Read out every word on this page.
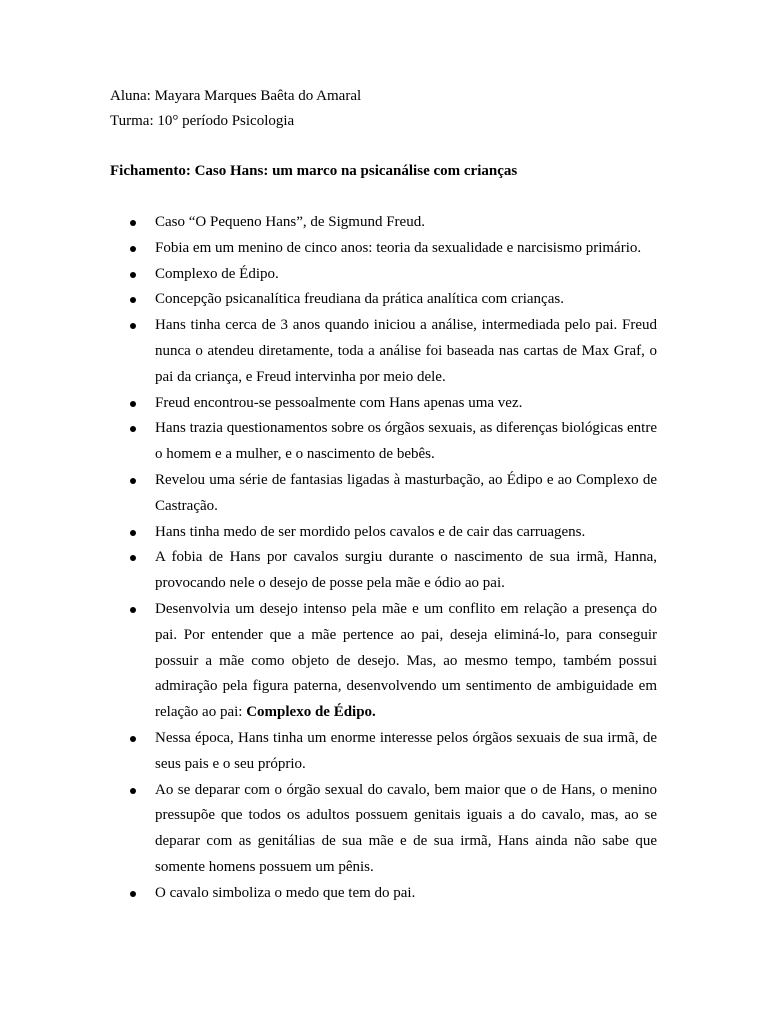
Aluna: Mayara Marques Baêta do Amaral
Turma: 10° período Psicologia
Fichamento: Caso Hans: um marco na psicanálise com crianças
Caso “O Pequeno Hans”, de Sigmund Freud.
Fobia em um menino de cinco anos: teoria da sexualidade e narcisismo primário.
Complexo de Édipo.
Concepção psicanalítica freudiana da prática analítica com crianças.
Hans tinha cerca de 3 anos quando iniciou a análise, intermediada pelo pai. Freud nunca o atendeu diretamente, toda a análise foi baseada nas cartas de Max Graf, o pai da criança, e Freud intervinha por meio dele.
Freud encontrou-se pessoalmente com Hans apenas uma vez.
Hans trazia questionamentos sobre os órgãos sexuais, as diferenças biológicas entre o homem e a mulher, e o nascimento de bebês.
Revelou uma série de fantasias ligadas à masturbação, ao Édipo e ao Complexo de Castração.
Hans tinha medo de ser mordido pelos cavalos e de cair das carruagens.
A fobia de Hans por cavalos surgiu durante o nascimento de sua irmã, Hanna, provocando nele o desejo de posse pela mãe e ódio ao pai.
Desenvolvia um desejo intenso pela mãe e um conflito em relação a presença do pai. Por entender que a mãe pertence ao pai, deseja eliminá-lo, para conseguir possuir a mãe como objeto de desejo. Mas, ao mesmo tempo, também possui admiração pela figura paterna, desenvolvendo um sentimento de ambiguidade em relação ao pai: Complexo de Édipo.
Nessa época, Hans tinha um enorme interesse pelos órgãos sexuais de sua irmã, de seus pais e o seu próprio.
Ao se deparar com o órgão sexual do cavalo, bem maior que o de Hans, o menino pressupõe que todos os adultos possuem genitais iguais a do cavalo, mas, ao se deparar com as genitálias de sua mãe e de sua irmã, Hans ainda não sabe que somente homens possuem um pênis.
O cavalo simboliza o medo que tem do pai.
